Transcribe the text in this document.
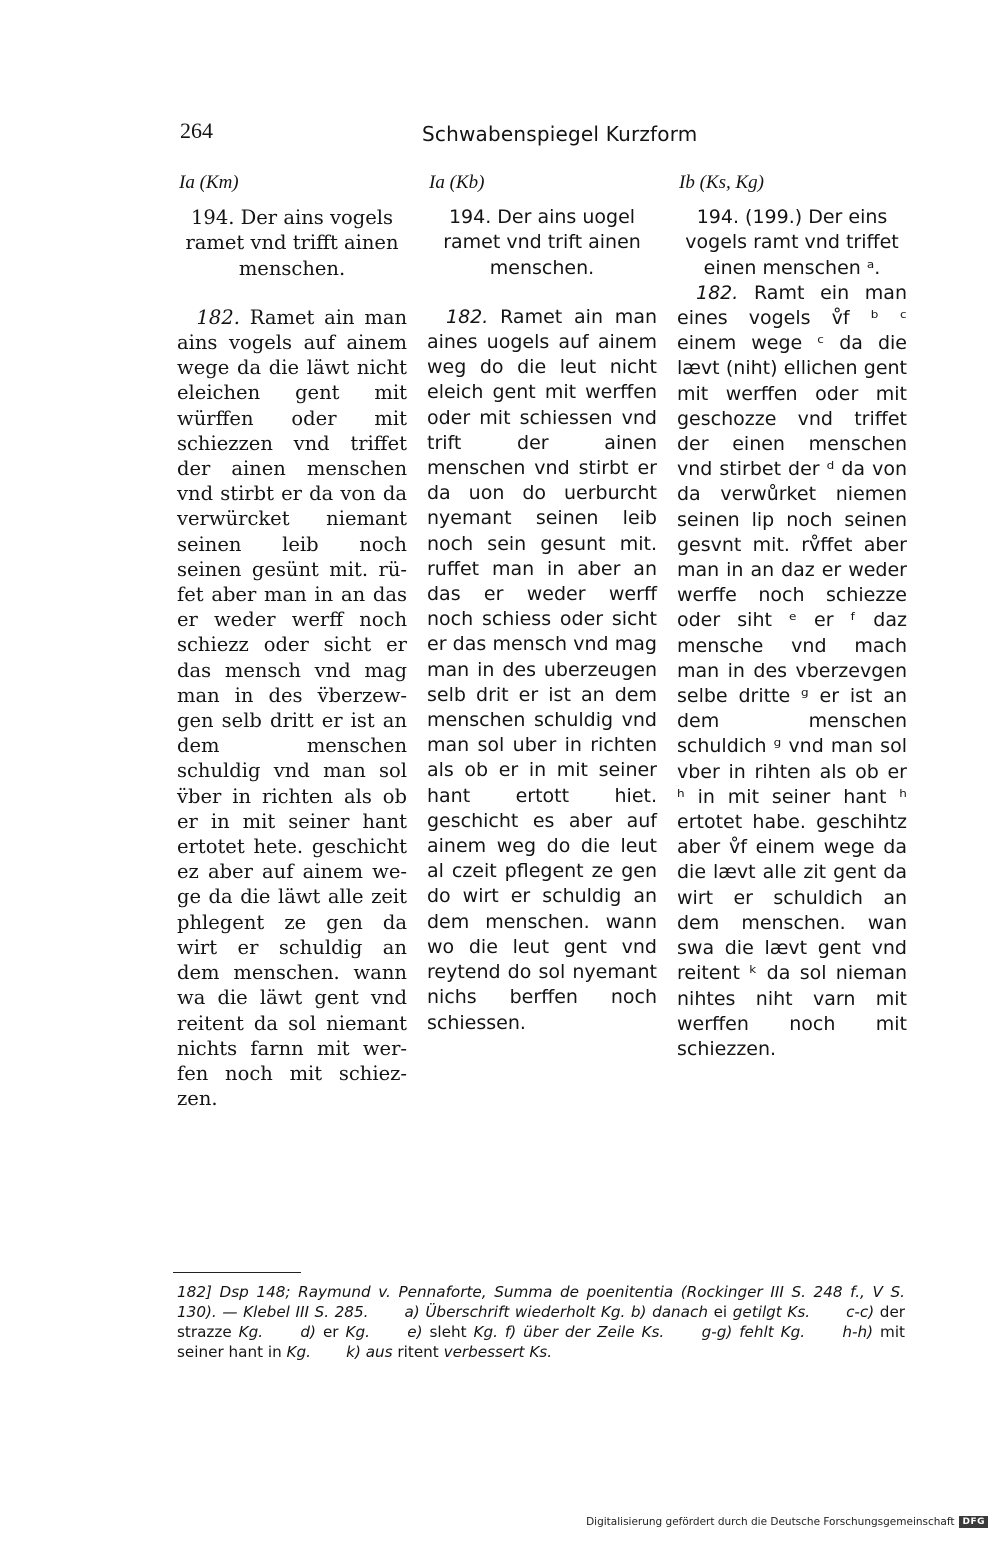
264	Schwabenspiegel Kurzform
Ia (Km)
194. Der ains vogels ramet vnd trifft ainen menschen.

 182. Ramet ain man ains vogels auf ainem wege da die läwt nicht eleichen gent mit würffen oder mit schiezzen vnd triffet der ainen menschen vnd stirbt er da von da verwürcket niemant seinen leib noch seinen gesünt mit. rüfet aber man in an das er weder werff noch schiezz oder sicht er das mensch vnd mag man in des v̈berzewgen selb dritt er ist an dem menschen schuldig vnd man sol v̈ber in richten als ob er in mit seiner hant ertotet hete. geschicht ez aber auf ainem wege da die läwt alle zeit phlegent ze gen da wirt er schuldig an dem menschen. wann wa die läwt gent vnd reitent da sol niemant nichts farnn mit werfen noch mit schiezzen.

Ia (Kb)
194. Der ains uogel ramet vnd trift ainen menschen.

 182. Ramet ain man aines uogels auf ainem weg do die leut nicht eleich gent mit werffen oder mit schiessen vnd trift der ainen menschen vnd stirbt er da uon do uerburcht nyemant seinen leib noch sein gesunt mit. ruffet man in aber an das er weder werff noch schiess oder sicht er das mensch vnd mag man in des uberzeugen selb drit er ist an dem menschen schuldig vnd man sol uber in richten als ob er in mit seiner hant ertott hiet. geschicht es aber auf ainem weg do die leut al czeit pflegent ze gen do wirt er schuldig an dem menschen. wann wo die leut gent vnd reytend do sol nyemant nichs berffen noch schiessen.

Ib (Ks, Kg)
194. (199.) Der eins vogels ramt vnd triffet einen menschen ᵃ.

 182. Ramt ein man eines vogels v̊f ᵇ ᶜ einem wege ᶜ da die lævt (niht) ellichen gent mit werffen oder mit geschozze vnd triffet der einen menschen vnd stirbet der ᵈ da von da verwůrket niemen seinen lip noch seinen gesvnt mit. rv̊ffet aber man in an daz er weder werffe noch schiezze oder siht ᵉ er ᶠ daz mensche vnd mach man in des vberzevgen selbe dritte ᵍ er ist an dem menschen schuldich ᵍ vnd man sol vber in rihten als ob er ʰ in mit seiner hant ʰ ertotet habe. geschihtz aber v̊f einem wege da die lævt alle zit gent da wirt er schuldich an dem menschen. wan swa die lævt gent vnd reitent ᵏ da sol nieman nihtes niht varn mit werffen noch mit schiezzen.

182] Dsp 148; Raymund v. Pennaforte, Summa de poenitentia (Rockinger III S. 248 f., V S. 130). — Klebel III S. 285.   a) Überschrift wiederholt Kg. b) danach ei getilgt Ks.   c-c) der strazze Kg.   d) er Kg.   e) sleht Kg. f) über der Zeile Ks.   g-g) fehlt Kg.   h-h) mit seiner hant in Kg.   k) aus ritent verbessert Ks.
Digitalisierung gefördert durch die Deutsche Forschungsgemeinschaft DFG
